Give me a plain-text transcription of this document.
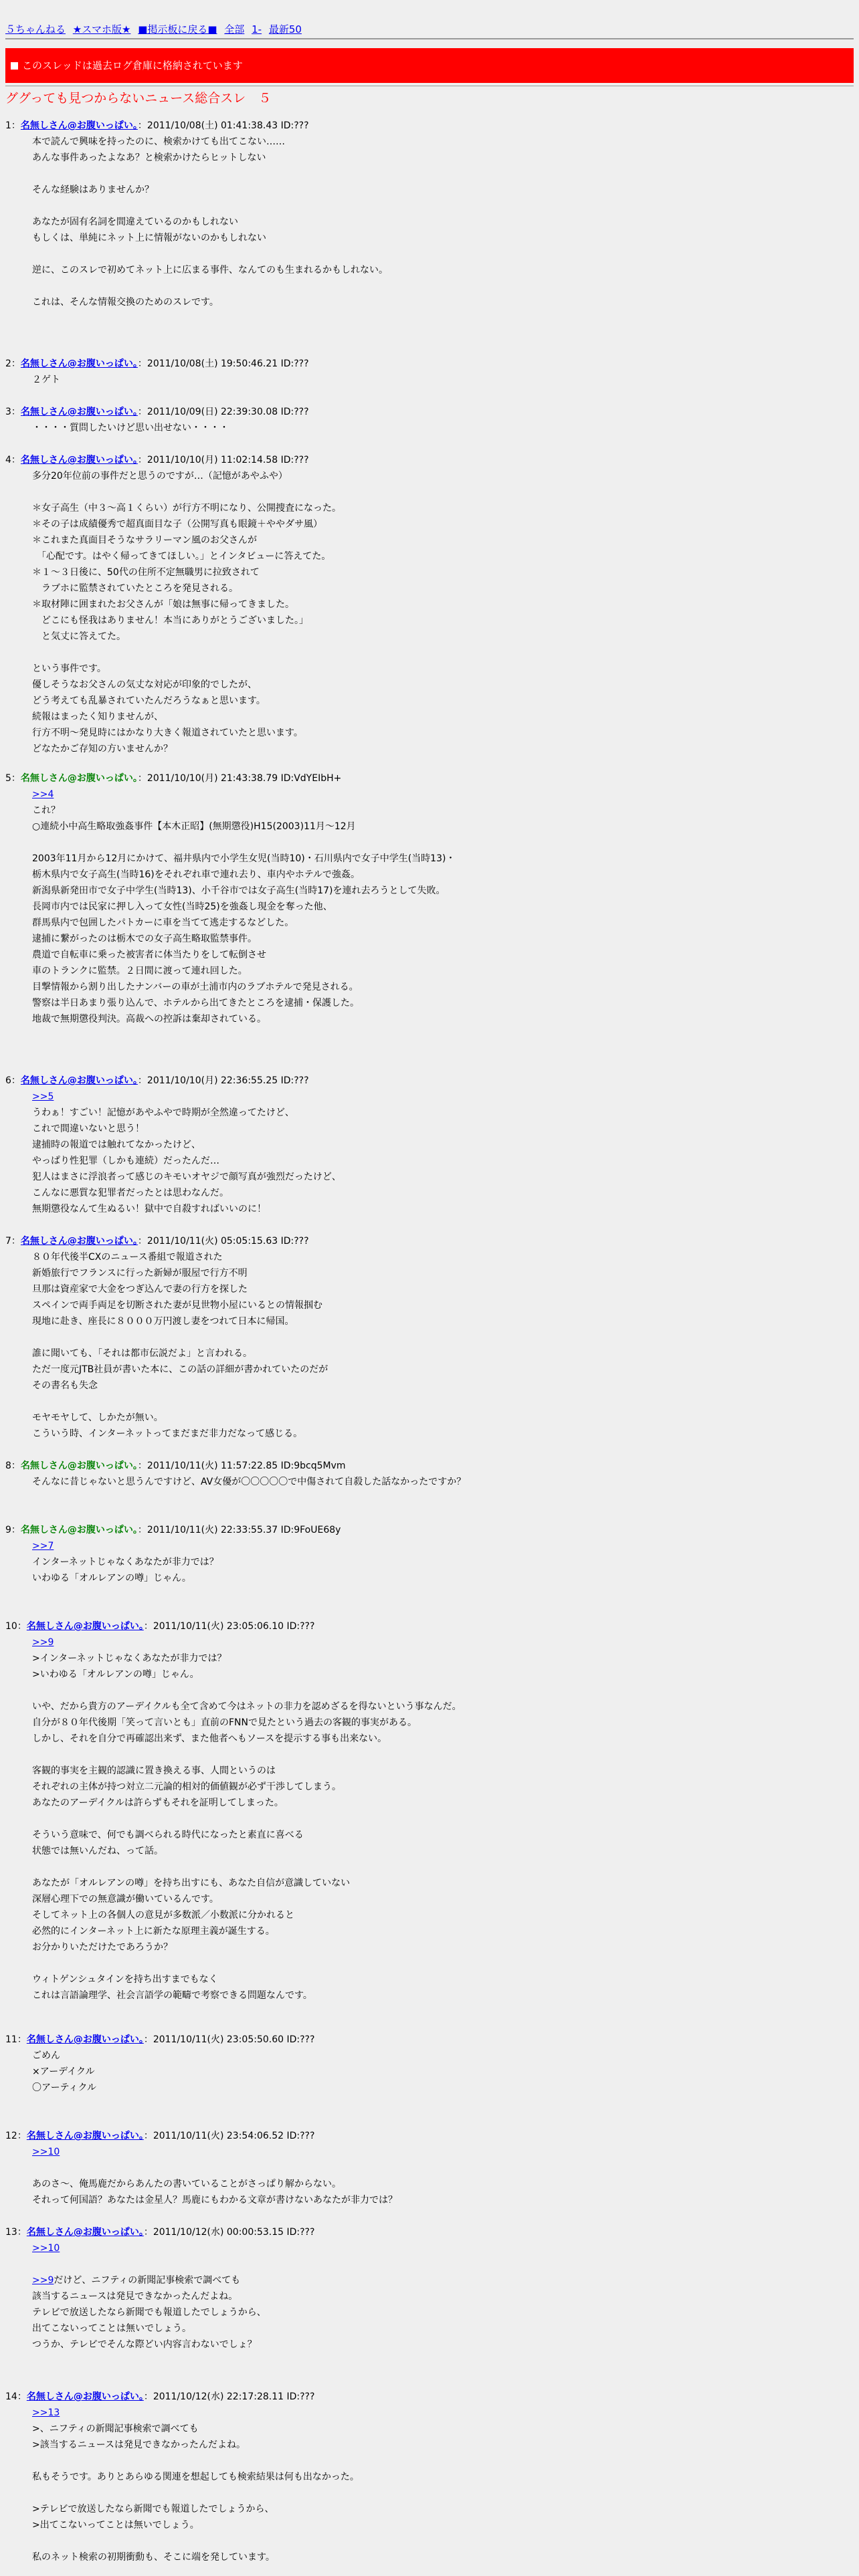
５ちゃんねる ★スマホ版★ ■掲示板に戻る■ 全部 1- 最新50
このスレッドは過去ログ倉庫に格納されています
ググっても見つからないニュース総合スレ　５
1：名無しさん@お腹いっぱい。：2011/10/08(土) 01:41:38.43 ID:???
本で読んで興味を持ったのに、検索かけても出てこない……
あんな事件あったよなあ？と検索かけたらヒットしない
そんな経験はありませんか？
あなたが固有名詞を間違えているのかもしれない
もしくは、単純にネット上に情報がないのかもしれない
逆に、このスレで初めてネット上に広まる事件、なんてのも生まれるかもしれない。
これは、そんな情報交換のためのスレです。
2：名無しさん@お腹いっぱい。：2011/10/08(土) 19:50:46.21 ID:???
２ゲト
3：名無しさん@お腹いっぱい。：2011/10/09(日) 22:39:30.08 ID:???
・・・・質問したいけど思い出せない・・・・
4：名無しさん@お腹いっぱい。：2011/10/10(月) 11:02:14.58 ID:???
多分20年位前の事件だと思うのですが…（記憶があやふや）
＊女子高生（中３～高１くらい）が行方不明になり、公開捜査になった。
＊その子は成績優秀で超真面目な子（公開写真も眼鏡＋ややダサ風）
＊これまた真面目そうなサラリーマン風のお父さんが
　「心配です。はやく帰ってきてほしい。」とインタビューに答えてた。
＊１～３日後に、50代の住所不定無職男に拉致されて
　ラブホに監禁されていたところを発見される。
＊取材陣に囲まれたお父さんが「娘は無事に帰ってきました。
　どこにも怪我はありません！本当にありがとうございました。」
　と気丈に答えてた。
という事件です。
優しそうなお父さんの気丈な対応が印象的でしたが、
どう考えても乱暴されていたんだろうなぁと思います。
続報はまったく知りませんが、
行方不明～発見時にはかなり大きく報道されていたと思います。
どなたかご存知の方いませんか？
5：名無しさん@お腹いっぱい。：2011/10/10(月) 21:43:38.79 ID:VdYEIbH+
>>4
これ？
○連続小中高生略取強姦事件【本木正昭】(無期懲役)H15(2003)11月～12月
2003年11月から12月にかけて、福井県内で小学生女児(当時10)・石川県内で女子中学生(当時13)・
栃木県内で女子高生(当時16)をそれぞれ車で連れ去り、車内やホテルで強姦。
新潟県新発田市で女子中学生(当時13)、小千谷市では女子高生(当時17)を連れ去ろうとして失敗。
長岡市内では民家に押し入って女性(当時25)を強姦し現金を奪った他、
群馬県内で包囲したパトカーに車を当てて逃走するなどした。
逮捕に繋がったのは栃木での女子高生略取監禁事件。
農道で自転車に乗った被害者に体当たりをして転倒させ
車のトランクに監禁。２日間に渡って連れ回した。
目撃情報から割り出したナンバーの車が土浦市内のラブホテルで発見される。
警察は半日あまり張り込んで、ホテルから出てきたところを逮捕・保護した。
地裁で無期懲役判決。高裁への控訴は棄却されている。
6：名無しさん@お腹いっぱい。：2011/10/10(月) 22:36:55.25 ID:???
>>5
うわぁ！すごい！記憶があやふやで時期が全然違ってたけど、
これで間違いないと思う！
逮捕時の報道では触れてなかったけど、
やっぱり性犯罪（しかも連続）だったんだ…
犯人はまさに浮浪者って感じのキモいオヤジで顔写真が強烈だったけど、
こんなに悪質な犯罪者だったとは思わなんだ。
無期懲役なんて生ぬるい！獄中で自殺すればいいのに！
7：名無しさん@お腹いっぱい。：2011/10/11(火) 05:05:15.63 ID:???
８０年代後半CXのニュース番組で報道された
新婚旅行でフランスに行った新婦が服屋で行方不明
旦那は資産家で大金をつぎ込んで妻の行方を探した
スペインで両手両足を切断された妻が見世物小屋にいるとの情報掴む
現地に赴き、座長に８０００万円渡し妻をつれて日本に帰国。
誰に聞いても、「それは都市伝説だよ」と言われる。
ただ一度元JTB社員が書いた本に、この話の詳細が書かれていたのだが
その書名も失念
モヤモヤして、しかたが無い。
こういう時、インターネットってまだまだ非力だなって感じる。
8：名無しさん@お腹いっぱい。：2011/10/11(火) 11:57:22.85 ID:9bcq5Mvm
そんなに昔じゃないと思うんですけど、AV女優が〇〇〇〇〇で中傷されて自殺した話なかったですか？
9：名無しさん@お腹いっぱい。：2011/10/11(火) 22:33:55.37 ID:9FoUE68y
>>7
インターネットじゃなくあなたが非力では？
いわゆる「オルレアンの噂」じゃん。
10：名無しさん@お腹いっぱい。：2011/10/11(火) 23:05:06.10 ID:???
>>9
>インターネットじゃなくあなたが非力では？
>いわゆる「オルレアンの噂」じゃん。
いや、だから貴方のアーデイクルも全て含めて今はネットの非力を認めざるを得ないという事なんだ。
自分が８０年代後期「笑って言いとも」直前のFNNで見たという過去の客観的事実がある。
しかし、それを自分で再確認出来ず、また他者へもソースを提示する事も出来ない。
客観的事実を主観的認識に置き換える事、人間というのは
それぞれの主体が持つ対立二元論的相対的価値観が必ず干渉してしまう。
あなたのアーデイクルは許らずもそれを証明してしまった。
そういう意味で、何でも調べられる時代になったと素直に喜べる
状態では無いんだね、って話。
あなたが「オルレアンの噂」を持ち出すにも、あなた自信が意識していない
深層心理下での無意識が働いているんです。
そしてネット上の各個人の意見が多数派／小数派に分かれると
必然的にインターネット上に新たな原理主義が誕生する。
お分かりいただけたであろうか？
ウィトゲンシュタインを持ち出すまでもなく
これは言語論理学、社会言語学の範疇で考察できる問題なんです。
11：名無しさん@お腹いっぱい。：2011/10/11(火) 23:05:50.60 ID:???
ごめん
×アーデイクル
〇アーティクル
12：名無しさん@お腹いっぱい。：2011/10/11(火) 23:54:06.52 ID:???
>>10
あのさ～、俺馬鹿だからあんたの書いていることがさっぱり解からない。
それって何国語？あなたは金星人？馬鹿にもわかる文章が書けないあなたが非力では？
13：名無しさん@お腹いっぱい。：2011/10/12(水) 00:00:53.15 ID:???
>>10
>>9だけど、ニフティの新聞記事検索で調べても
該当するニュースは発見できなかったんだよね。
テレビで放送したなら新聞でも報道したでしょうから、
出てこないってことは無いでしょう。
つうか、テレビでそんな際どい内容言わないでしょ？
14：名無しさん@お腹いっぱい。：2011/10/12(水) 22:17:28.11 ID:???
>>13
>、ニフティの新聞記事検索で調べても
>該当するニュースは発見できなかったんだよね。
私もそうです。ありとあらゆる関連を想起しても検索結果は何も出なかった。
>テレビで放送したなら新聞でも報道したでしょうから、
>出てこないってことは無いでしょう。
私のネット検索の初期衝動も、そこに端を発しています。
